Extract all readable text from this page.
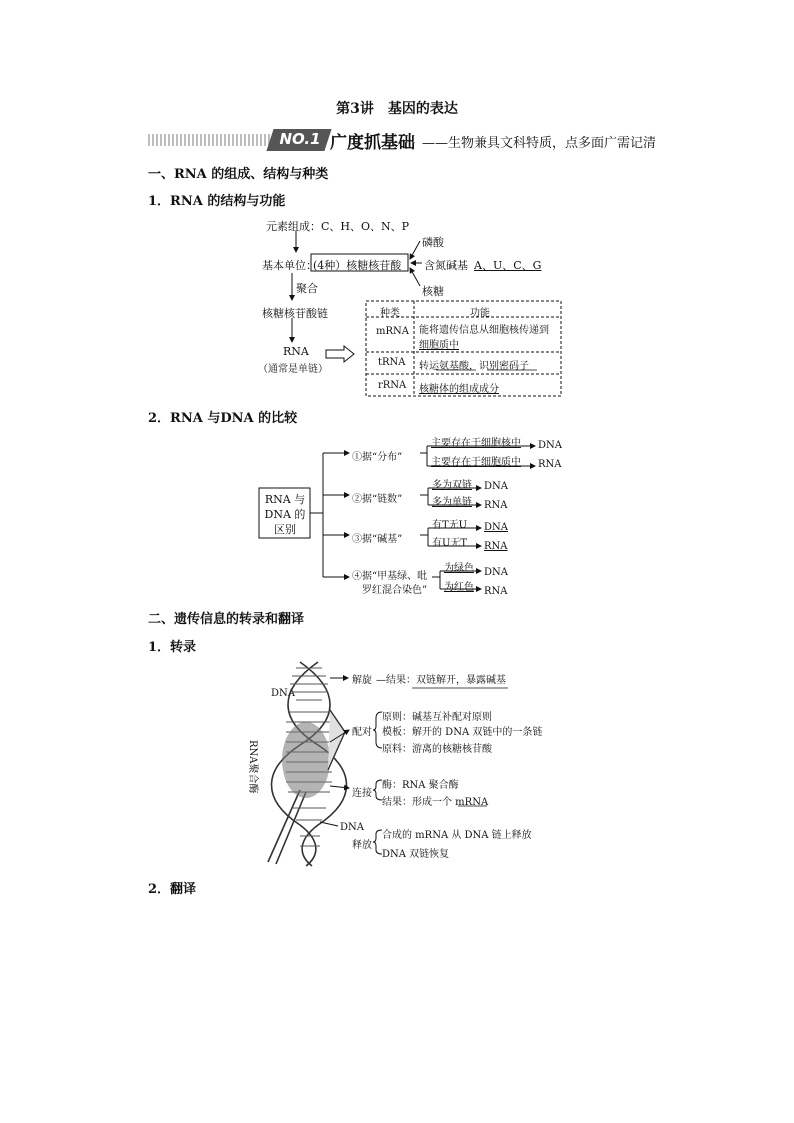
第3讲　基因的表达
NO.1 广度抓基础 ——生物兼具文科特质，点多面广需记清
一、RNA 的组成、结构与种类
1．RNA 的结构与功能
元素组成：C、H、O、N、P
基本单位：
(4种）核糖核苷酸
磷酸
含氮碱基 A、U、C、G
核糖
聚合
核糖核苷酸链
RNA
（通常是单链）
种类	功能
mRNA 能将遗传信息从细胞核传递到
细胞质中
tRNA 转运氨基酸，识别密码子
rRNA 核糖体的组成成分
2．RNA 与DNA 的比较
RNA 与
DNA 的
区别
①据“分布”
主要存在于细胞核中
主要存在于细胞质中
DNA
RNA
②据“链数”
多为双链
多为单链
DNA
RNA
③据“碱基”
有T无U
有U无T
DNA
RNA
④据“甲基绿、吡
罗红混合染色”
为绿色
为红色
DNA
RNA
二、遗传信息的转录和翻译
1．转录
DNA
RNA聚合酶
解旋 —结果：双链解开，暴露碱基
配对
原则：碱基互补配对原则
模板：解开的 DNA 双链中的一条链
原料：游离的核糖核苷酸
连接
酶：RNA 聚合酶
结果：形成一个 mRNA
DNA
释放
合成的 mRNA 从 DNA 链上释放
DNA 双链恢复
2．翻译
